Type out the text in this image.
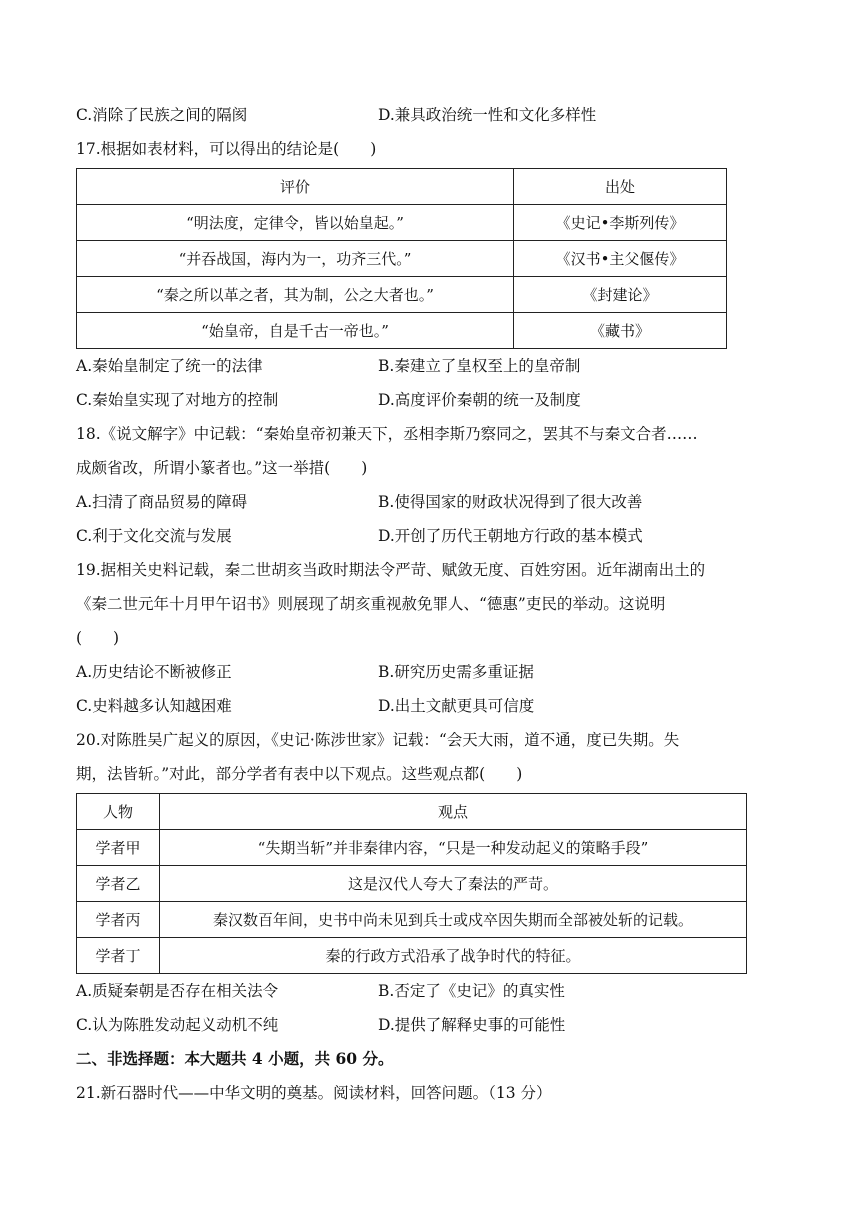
C.消除了民族之间的隔阂	D.兼具政治统一性和文化多样性
17.根据如表材料，可以得出的结论是(　　)
评价	出处
“明法度，定律令，皆以始皇起。”	《史记•李斯列传》
“并吞战国，海内为一，功齐三代。”	《汉书•主父偃传》
“秦之所以革之者，其为制，公之大者也。”	《封建论》
“始皇帝，自是千古一帝也。”	《藏书》
A.秦始皇制定了统一的法律	B.秦建立了皇权至上的皇帝制
C.秦始皇实现了对地方的控制	D.高度评价秦朝的统一及制度
18.《说文解字》中记载：“秦始皇帝初兼天下，丞相李斯乃察同之，罢其不与秦文合者……
成颇省改，所谓小篆者也。”这一举措(　　)
A.扫清了商品贸易的障碍	B.使得国家的财政状况得到了很大改善
C.利于文化交流与发展	D.开创了历代王朝地方行政的基本模式
19.据相关史料记载，秦二世胡亥当政时期法令严苛、赋敛无度、百姓穷困。近年湖南出土的
《秦二世元年十月甲午诏书》则展现了胡亥重视赦免罪人、“德惠”吏民的举动。这说明
(　　)
A.历史结论不断被修正	B.研究历史需多重证据
C.史料越多认知越困难	D.出土文献更具可信度
20.对陈胜吴广起义的原因，《史记·陈涉世家》记载：“会天大雨，道不通，度已失期。失
期，法皆斩。”对此，部分学者有表中以下观点。这些观点都(　　)
人物	观点
学者甲	“失期当斩”并非秦律内容，“只是一种发动起义的策略手段”
学者乙	这是汉代人夸大了秦法的严苛。
学者丙	秦汉数百年间，史书中尚未见到兵士或戍卒因失期而全部被处斩的记载。
学者丁	秦的行政方式沿承了战争时代的特征。
A.质疑秦朝是否存在相关法令	B.否定了《史记》的真实性
C.认为陈胜发动起义动机不纯	D.提供了解释史事的可能性
二、非选择题：本大题共 4 小题，共 60 分。
21.新石器时代——中华文明的奠基。阅读材料，回答问题。（13 分）
